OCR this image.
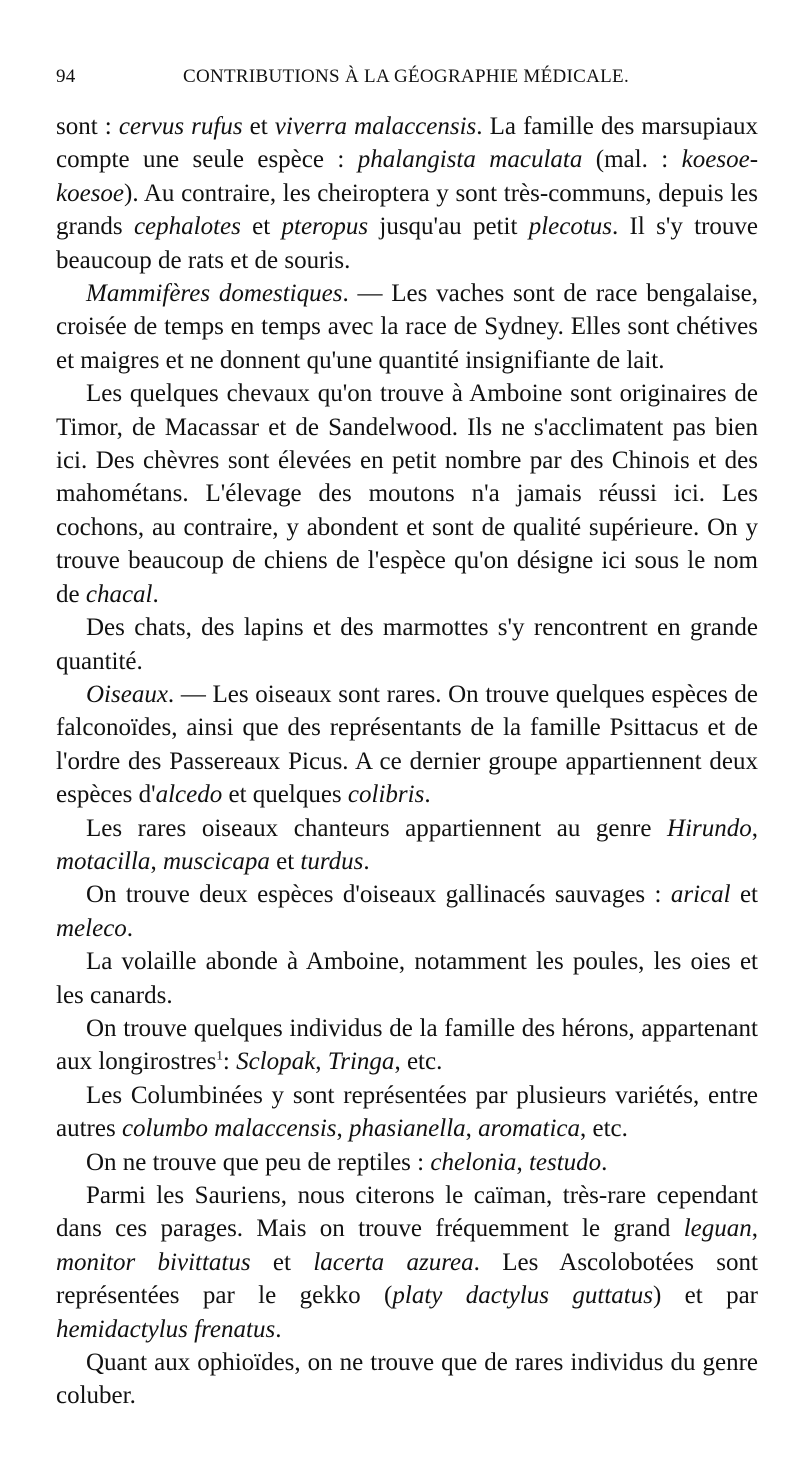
94	CONTRIBUTIONS À LA GÉOGRAPHIE MÉDICALE.

sont : cervus rufus et viverra malaccensis. La famille des marsupiaux compte une seule espèce : phalangista maculata (mal. : koesoe-koesoe). Au contraire, les cheiroptera y sont très-communs, depuis les grands cephalotes et pteropus jusqu'au petit plecotus. Il s'y trouve beaucoup de rats et de souris.

Mammifères domestiques. — Les vaches sont de race bengalaise, croisée de temps en temps avec la race de Sydney. Elles sont chétives et maigres et ne donnent qu'une quantité insignifiante de lait.

Les quelques chevaux qu'on trouve à Amboine sont originaires de Timor, de Macassar et de Sandelwood. Ils ne s'acclimatent pas bien ici. Des chèvres sont élevées en petit nombre par des Chinois et des mahométans. L'élevage des moutons n'a jamais réussi ici. Les cochons, au contraire, y abondent et sont de qualité supérieure. On y trouve beaucoup de chiens de l'espèce qu'on désigne ici sous le nom de chacal.

Des chats, des lapins et des marmottes s'y rencontrent en grande quantité.

Oiseaux. — Les oiseaux sont rares. On trouve quelques espèces de falconoïdes, ainsi que des représentants de la famille Psittacus et de l'ordre des Passereaux Picus. A ce dernier groupe appartiennent deux espèces d'alcedo et quelques colibris.

Les rares oiseaux chanteurs appartiennent au genre Hirundo, motacilla, muscicapa et turdus.

On trouve deux espèces d'oiseaux gallinacés sauvages : arical et meleco.

La volaille abonde à Amboine, notamment les poules, les oies et les canards.

On trouve quelques individus de la famille des hérons, appartenant aux longirostres$^1$: Sclopak, Tringa, etc.

Les Columbinées y sont représentées par plusieurs variétés, entre autres columbo malaccensis, phasianella, aromatica, etc.

On ne trouve que peu de reptiles : chelonia, testudo.

Parmi les Sauriens, nous citerons le caïman, très-rare cependant dans ces parages. Mais on trouve fréquemment le grand leguan, monitor bivittatus et lacerta azurea. Les Ascolobotées sont représentées par le gekko (platy dactylus guttatus) et par hemidactylus frenatus.

Quant aux ophioïdes, on ne trouve que de rares individus du genre coluber.
